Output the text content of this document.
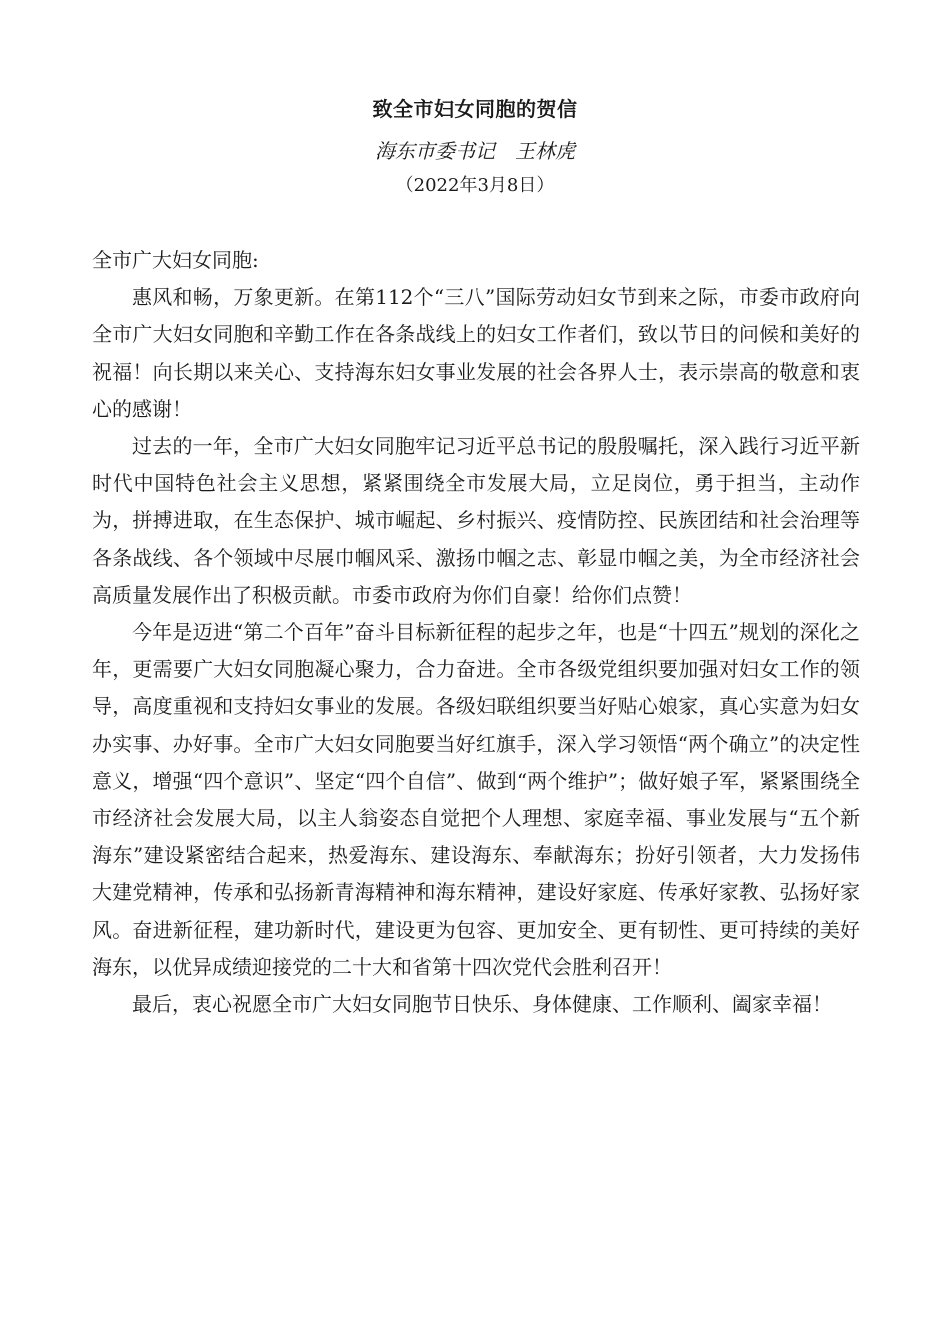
致全市妇女同胞的贺信
海东市委书记　王林虎
（2022年3月8日）

全市广大妇女同胞:

惠风和畅，万象更新。在第112个“三八”国际劳动妇女节到来之际，市委市政府向全市广大妇女同胞和辛勤工作在各条战线上的妇女工作者们，致以节日的问候和美好的祝福！向长期以来关心、支持海东妇女事业发展的社会各界人士，表示崇高的敬意和衷心的感谢！

过去的一年，全市广大妇女同胞牢记习近平总书记的殷殷嘱托，深入践行习近平新时代中国特色社会主义思想，紧紧围绕全市发展大局，立足岗位，勇于担当，主动作为，拼搏进取，在生态保护、城市崛起、乡村振兴、疫情防控、民族团结和社会治理等各条战线、各个领域中尽展巾帼风采、激扬巾帼之志、彰显巾帼之美，为全市经济社会高质量发展作出了积极贡献。市委市政府为你们自豪！给你们点赞！

今年是迈进“第二个百年”奋斗目标新征程的起步之年，也是“十四五”规划的深化之年，更需要广大妇女同胞凝心聚力，合力奋进。全市各级党组织要加强对妇女工作的领导，高度重视和支持妇女事业的发展。各级妇联组织要当好贴心娘家，真心实意为妇女办实事、办好事。全市广大妇女同胞要当好红旗手，深入学习领悟“两个确立”的决定性意义，增强“四个意识”、坚定“四个自信”、做到“两个维护”；做好娘子军，紧紧围绕全市经济社会发展大局，以主人翁姿态自觉把个人理想、家庭幸福、事业发展与“五个新海东”建设紧密结合起来，热爱海东、建设海东、奉献海东；扮好引领者，大力发扬伟大建党精神，传承和弘扬新青海精神和海东精神，建设好家庭、传承好家教、弘扬好家风。奋进新征程，建功新时代，建设更为包容、更加安全、更有韧性、更可持续的美好海东，以优异成绩迎接党的二十大和省第十四次党代会胜利召开！

最后，衷心祝愿全市广大妇女同胞节日快乐、身体健康、工作顺利、阖家幸福！
